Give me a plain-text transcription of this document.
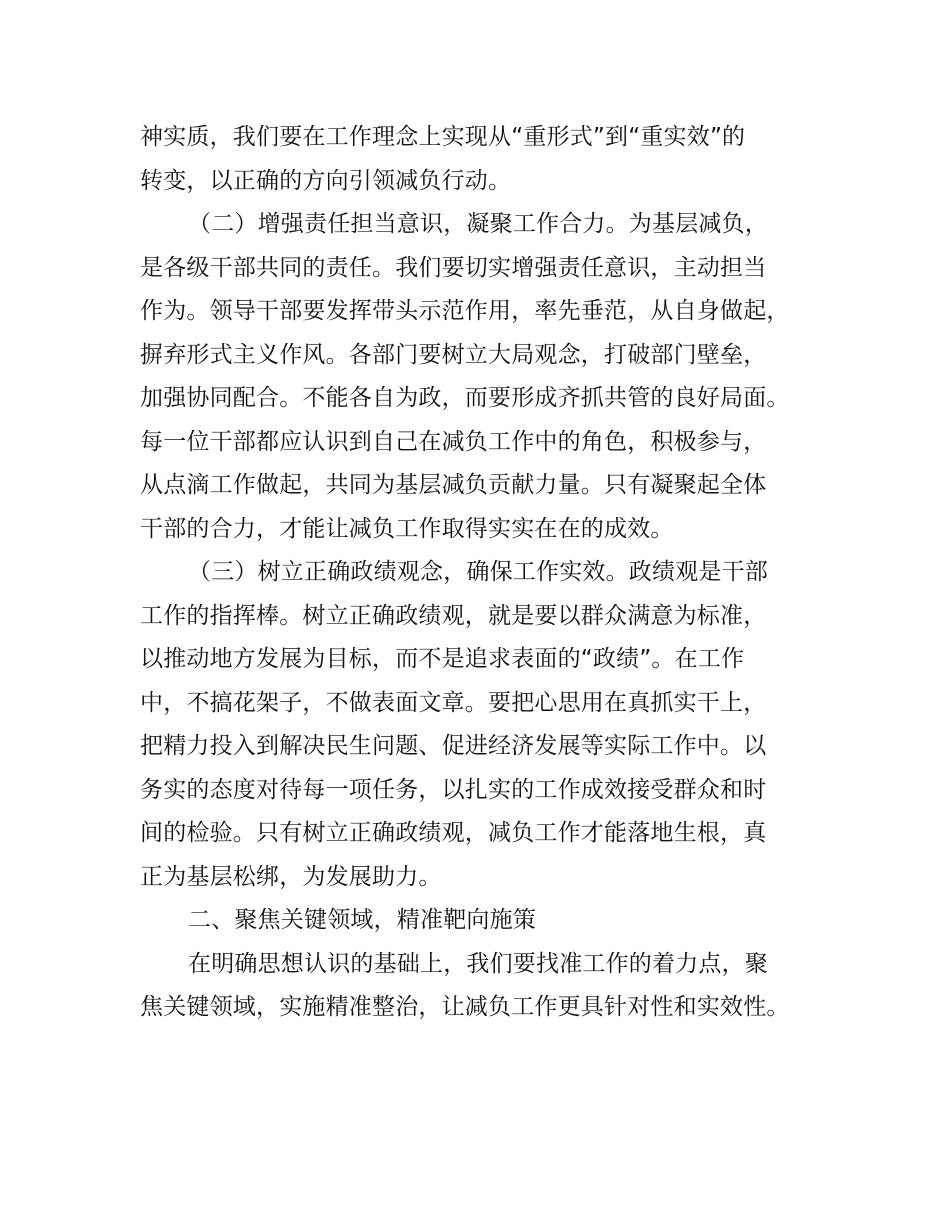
神实质，我们要在工作理念上实现从“重形式”到“重实效”的
转变，以正确的方向引领减负行动。
（二）增强责任担当意识，凝聚工作合力。为基层减负，
是各级干部共同的责任。我们要切实增强责任意识，主动担当
作为。领导干部要发挥带头示范作用，率先垂范，从自身做起，
摒弃形式主义作风。各部门要树立大局观念，打破部门壁垒，
加强协同配合。不能各自为政，而要形成齐抓共管的良好局面。
每一位干部都应认识到自己在减负工作中的角色，积极参与，
从点滴工作做起，共同为基层减负贡献力量。只有凝聚起全体
干部的合力，才能让减负工作取得实实在在的成效。
（三）树立正确政绩观念，确保工作实效。政绩观是干部
工作的指挥棒。树立正确政绩观，就是要以群众满意为标准，
以推动地方发展为目标，而不是追求表面的“政绩”。在工作
中，不搞花架子，不做表面文章。要把心思用在真抓实干上，
把精力投入到解决民生问题、促进经济发展等实际工作中。以
务实的态度对待每一项任务，以扎实的工作成效接受群众和时
间的检验。只有树立正确政绩观，减负工作才能落地生根，真
正为基层松绑，为发展助力。
二、聚焦关键领域，精准靶向施策
在明确思想认识的基础上，我们要找准工作的着力点，聚
焦关键领域，实施精准整治，让减负工作更具针对性和实效性。
